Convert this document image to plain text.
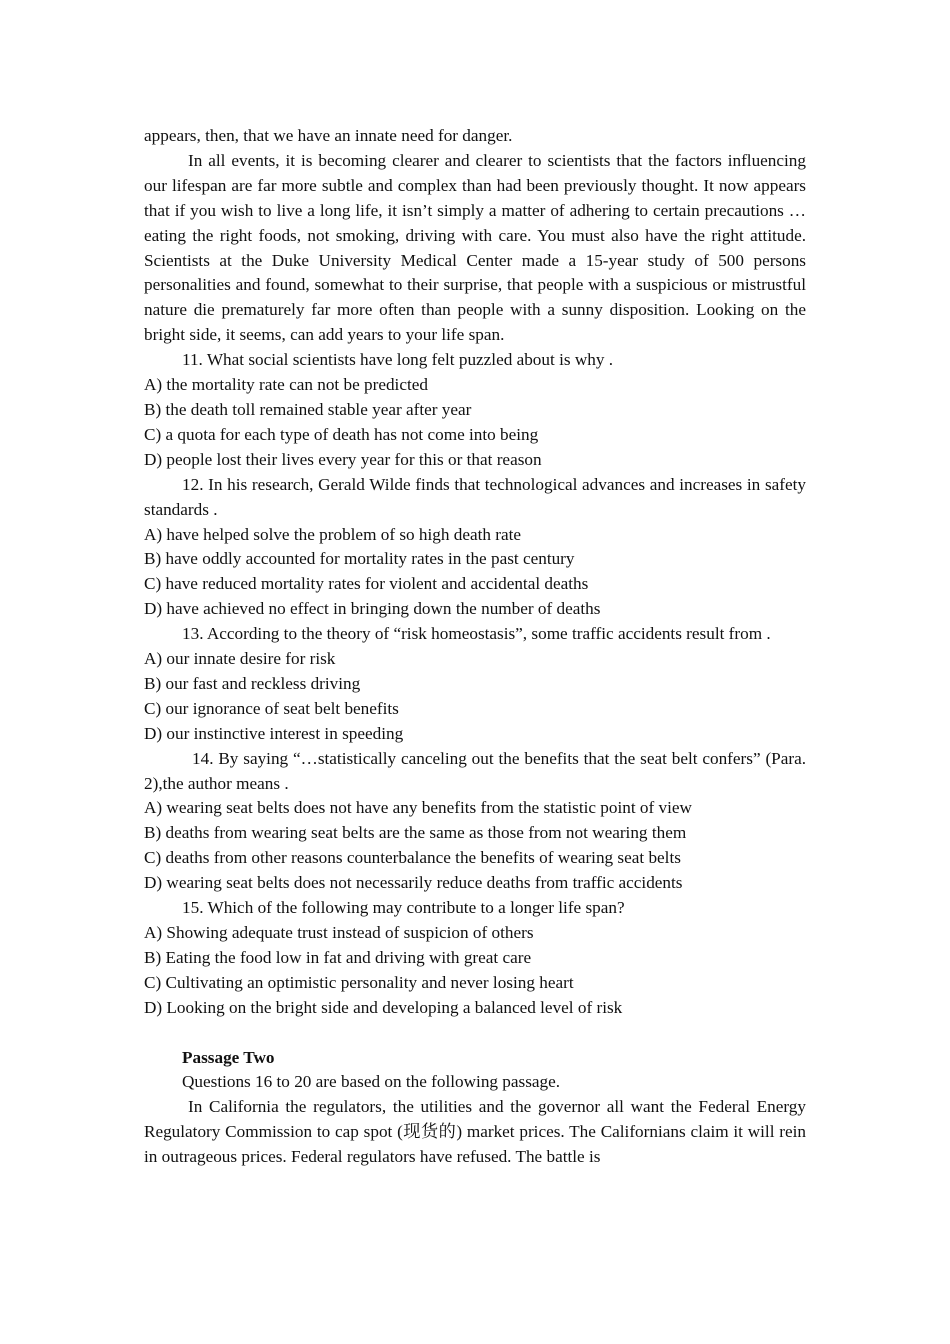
appears, then, that we have an innate need for danger.

In all events, it is becoming clearer and clearer to scientists that the factors influencing our lifespan are far more subtle and complex than had been previously thought. It now appears that if you wish to live a long life, it isn’t simply a matter of adhering to certain precautions … eating the right foods, not smoking, driving with care. You must also have the right attitude. Scientists at the Duke University Medical Center made a 15-year study of 500 persons personalities and found, somewhat to their surprise, that people with a suspicious or mistrustful nature die prematurely far more often than people with a sunny disposition. Looking on the bright side, it seems, can add years to your life span.

11. What social scientists have long felt puzzled about is why .

A) the mortality rate can not be predicted

B) the death toll remained stable year after year

C) a quota for each type of death has not come into being

D) people lost their lives every year for this or that reason

12. In his research, Gerald Wilde finds that technological advances and increases in safety standards .

A) have helped solve the problem of so high death rate

B) have oddly accounted for mortality rates in the past century

C) have reduced mortality rates for violent and accidental deaths

D) have achieved no effect in bringing down the number of deaths

13. According to the theory of “risk homeostasis”, some traffic accidents result from .

A) our innate desire for risk

B) our fast and reckless driving

C) our ignorance of seat belt benefits

D) our instinctive interest in speeding

14. By saying “…statistically canceling out the benefits that the seat belt confers” (Para. 2),the author means .

A) wearing seat belts does not have any benefits from the statistic point of view

B) deaths from wearing seat belts are the same as those from not wearing them

C) deaths from other reasons counterbalance the benefits of wearing seat belts

D) wearing seat belts does not necessarily reduce deaths from traffic accidents

15. Which of the following may contribute to a longer life span?

A) Showing adequate trust instead of suspicion of others

B) Eating the food low in fat and driving with great care

C) Cultivating an optimistic personality and never losing heart

D) Looking on the bright side and developing a balanced level of risk

Passage Two

Questions 16 to 20 are based on the following passage.

In California the regulators, the utilities and the governor all want the Federal Energy Regulatory Commission to cap spot (现货的) market prices. The Californians claim it will rein in outrageous prices. Federal regulators have refused. The battle is
